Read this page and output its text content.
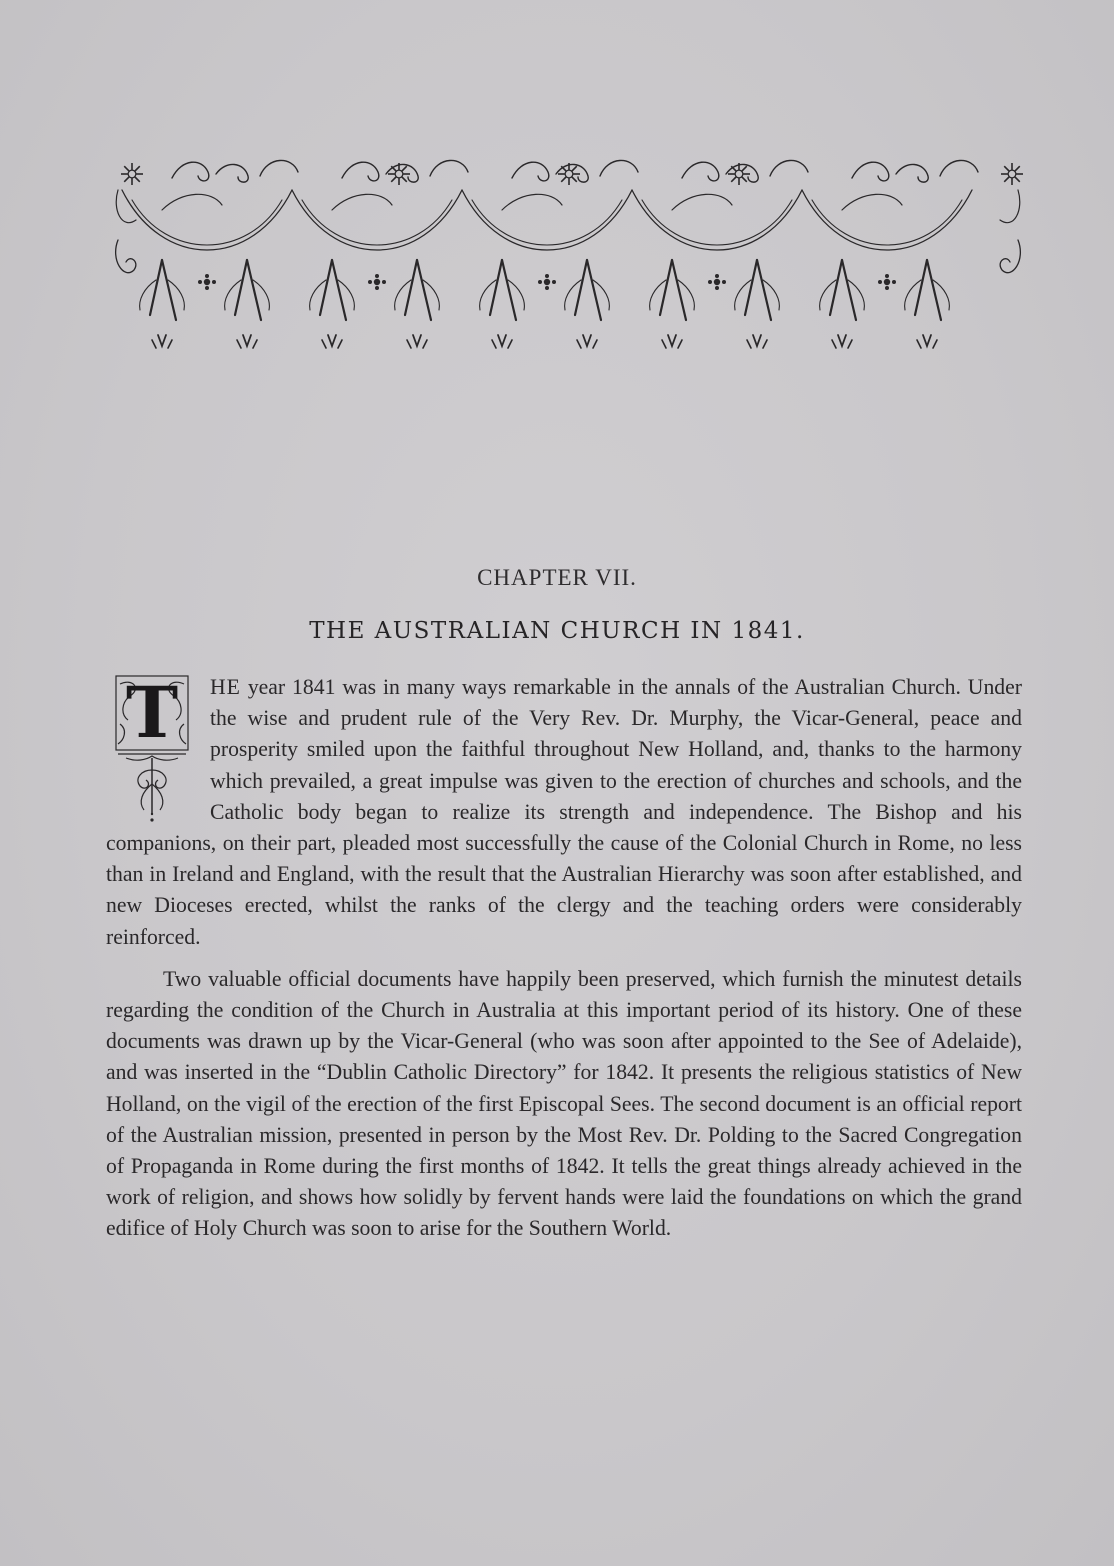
CHAPTER VII.
THE AUSTRALIAN CHURCH IN 1841.

T HE year 1841 was in many ways remarkable in the annals of the Australian Church. Under the wise and prudent rule of the Very Rev. Dr. Murphy, the Vicar-General, peace and prosperity smiled upon the faithful throughout New Holland, and, thanks to the harmony which prevailed, a great impulse was given to the erection of churches and schools, and the Catholic body began to realize its strength and independence. The Bishop and his companions, on their part, pleaded most successfully the cause of the Colonial Church in Rome, no less than in Ireland and England, with the result that the Australian Hierarchy was soon after established, and new Dioceses erected, whilst the ranks of the clergy and the teaching orders were considerably reinforced.

Two valuable official documents have happily been preserved, which furnish the minutest details regarding the condition of the Church in Australia at this important period of its history. One of these documents was drawn up by the Vicar-General (who was soon after appointed to the See of Adelaide), and was inserted in the “Dublin Catholic Directory” for 1842. It presents the religious statistics of New Holland, on the vigil of the erection of the first Episcopal Sees. The second document is an official report of the Australian mission, presented in person by the Most Rev. Dr. Polding to the Sacred Congregation of Propaganda in Rome during the first months of 1842. It tells the great things already achieved in the work of religion, and shows how solidly by fervent hands were laid the foundations on which the grand edifice of Holy Church was soon to arise for the Southern World.
